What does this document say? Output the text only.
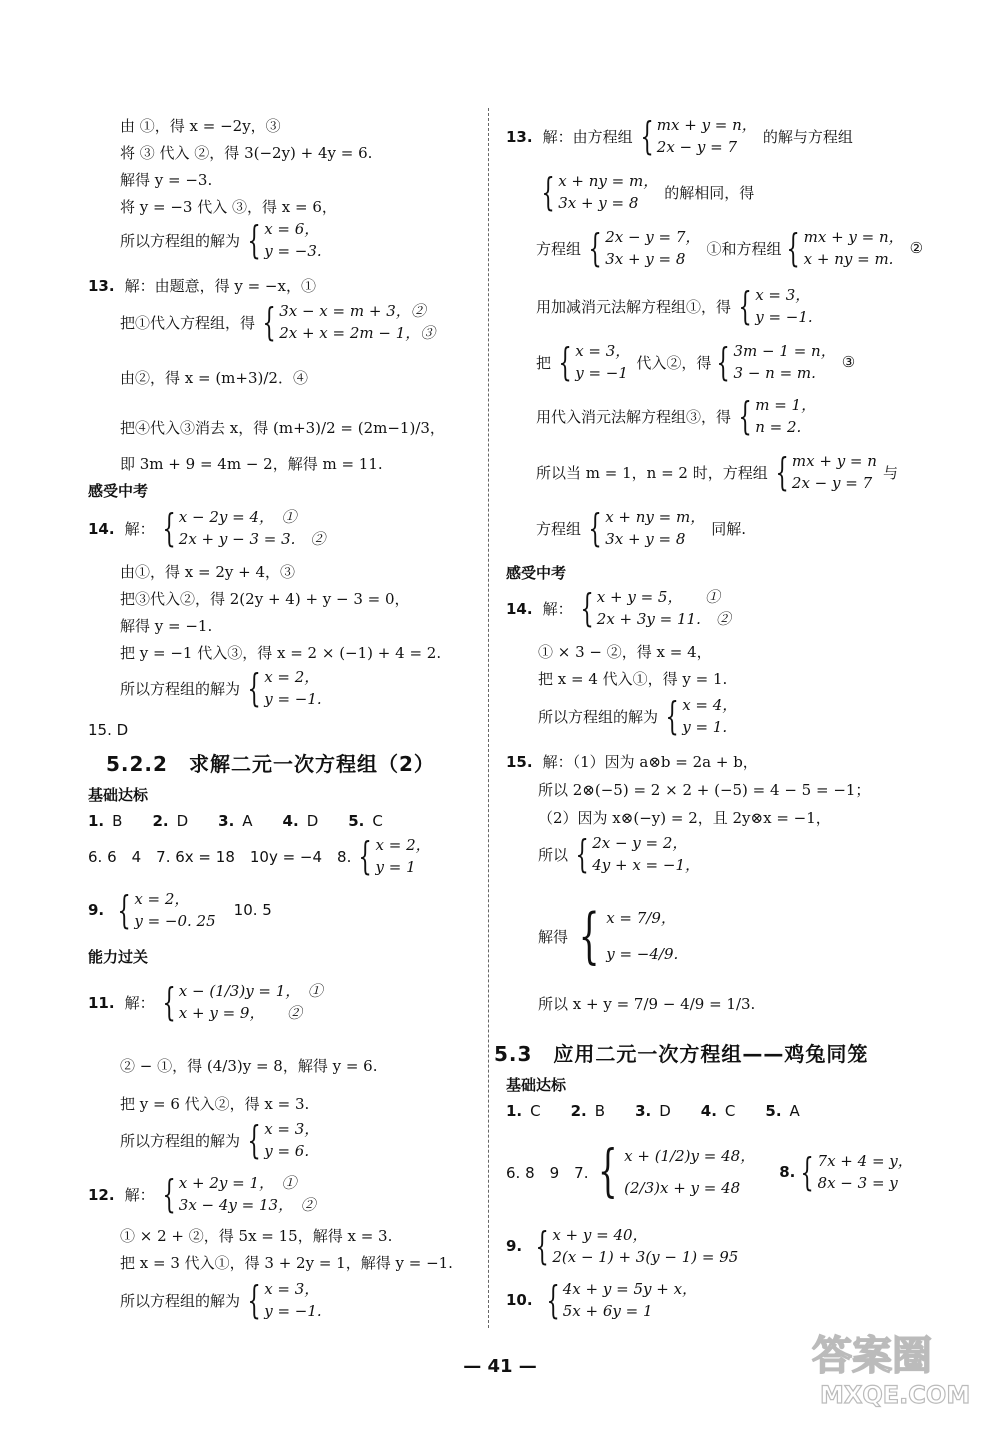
由 ①，得 x = −2y，③
将 ③ 代入 ②，得 3(−2y) + 4y = 6.
解得 y = −3.
将 y = −3 代入 ③，得 x = 6，
所以方程组的解为 { x = 6，
y = −3.
13. 解：由题意，得 y = −x，①
把①代入方程组，得 { 3x − x = m + 3，②
2x + x = 2m − 1，③
由②，得 x = (m+3)/2．④
把④代入③消去 x，得 (m+3)/2 = (2m−1)/3，
即 3m + 9 = 4m − 2，解得 m = 11.
感受中考
14. 解： { x − 2y = 4，　①
2x + y − 3 = 3.　②
由①，得 x = 2y + 4，③
把③代入②，得 2(2y + 4) + y − 3 = 0，
解得 y = −1.
把 y = −1 代入③，得 x = 2 × (−1) + 4 = 2.
所以方程组的解为 { x = 2，
y = −1.
15. D
5.2.2　求解二元一次方程组（2）
基础达标
1. B 2. D 3. A 4. D 5. C
6. 6　4　7. 6x = 18　10y = −4　8. { x = 2，
y = 1
9. { x = 2，
y = −0. 25
10. 5
能力过关
11. 解： { x − (1/3)y = 1，　①
x + y = 9，　　②
② − ①，得 (4/3)y = 8，解得 y = 6.
把 y = 6 代入②，得 x = 3.
所以方程组的解为 { x = 3，
y = 6.
12. 解： { x + 2y = 1，　①
3x − 4y = 13，　②
① × 2 + ②，得 5x = 15，解得 x = 3.
把 x = 3 代入①，得 3 + 2y = 1，解得 y = −1.
所以方程组的解为 { x = 3，
y = −1.
13. 解：由方程组 { mx + y = n，
2x − y = 7
的解与方程组
{ x + ny = m，
3x + y = 8
的解相同，得
方程组 { 2x − y = 7，
3x + y = 8
①和方程组 { mx + y = n，
x + ny = m.
②
用加减消元法解方程组①，得 { x = 3，
y = −1.
把 { x = 3，
y = −1
代入②，得 { 3m − 1 = n，
3 − n = m.
③
用代入消元法解方程组③，得 { m = 1，
n = 2.
所以当 m = 1，n = 2 时，方程组 { mx + y = n
2x − y = 7
与
方程组 { x + ny = m，
3x + y = 8
同解.
感受中考
14. 解： { x + y = 5，　　①
2x + 3y = 11.　②
① × 3 − ②，得 x = 4，
把 x = 4 代入①，得 y = 1.
所以方程组的解为 { x = 4，
y = 1.
15. 解：（1）因为 a⊗b = 2a + b，
所以 2⊗(−5) = 2 × 2 + (−5) = 4 − 5 = −1；
（2）因为 x⊗(−y) = 2，且 2y⊗x = −1，
所以 { 2x − y = 2，
4y + x = −1，
解得 { x = 7/9，
y = −4/9.
所以 x + y = 7/9 − 4/9 = 1/3.
5.3　应用二元一次方程组——鸡兔同笼
基础达标
1. C 2. B 3. D 4. C 5. A
6. 8　9　7. { x + (1/2)y = 48，
(2/3)x + y = 48
8. { 7x + 4 = y，
8x − 3 = y
9. { x + y = 40，
2(x − 1) + 3(y − 1) = 95
10. { 4x + y = 5y + x，
5x + 6y = 1
— 41 —	答案圈
MXQE.COM
